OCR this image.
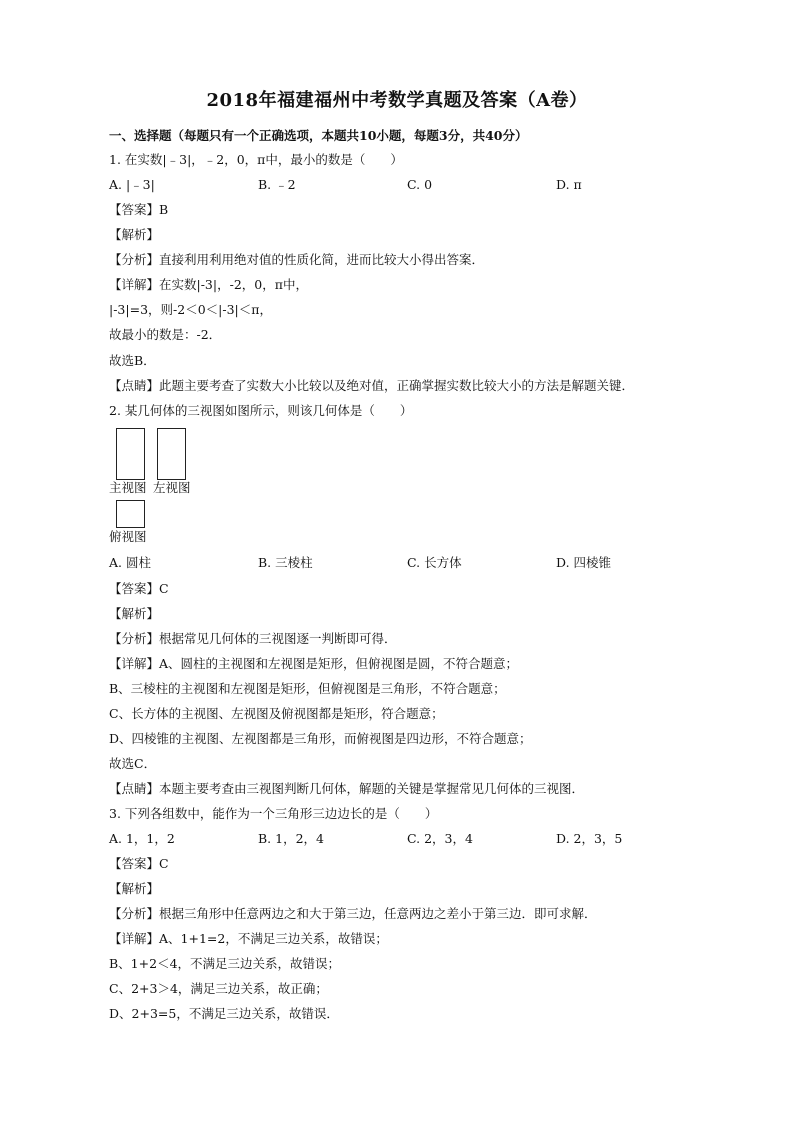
2018年福建福州中考数学真题及答案（A卷）
一、选择题（每题只有一个正确选项，本题共10小题，每题3分，共40分）
1. 在实数|﹣3|，﹣2，0，π中，最小的数是（　　）
A. |﹣3|	B. ﹣2	C. 0	D. π
【答案】B
【解析】
【分析】直接利用利用绝对值的性质化简，进而比较大小得出答案．
【详解】在实数|-3|，-2，0，π中，
|-3|=3，则-2＜0＜|-3|＜π，
故最小的数是：-2．
故选B．
【点睛】此题主要考查了实数大小比较以及绝对值，正确掌握实数比较大小的方法是解题关键．
2. 某几何体的三视图如图所示，则该几何体是（　　）
主视图 左视图
俯视图
A. 圆柱	B. 三棱柱	C. 长方体	D. 四棱锥
【答案】C
【解析】
【分析】根据常见几何体的三视图逐一判断即可得．
【详解】A、圆柱的主视图和左视图是矩形，但俯视图是圆，不符合题意；
B、三棱柱的主视图和左视图是矩形，但俯视图是三角形，不符合题意；
C、长方体的主视图、左视图及俯视图都是矩形，符合题意；
D、四棱锥的主视图、左视图都是三角形，而俯视图是四边形，不符合题意；
故选C．
【点睛】本题主要考查由三视图判断几何体，解题的关键是掌握常见几何体的三视图．
3. 下列各组数中，能作为一个三角形三边边长的是（　　）
A. 1，1，2	B. 1，2，4	C. 2，3，4	D. 2，3，5
【答案】C
【解析】
【分析】根据三角形中任意两边之和大于第三边，任意两边之差小于第三边．即可求解．
【详解】A、1+1=2，不满足三边关系，故错误；
B、1+2＜4，不满足三边关系，故错误；
C、2+3＞4，满足三边关系，故正确；
D、2+3=5，不满足三边关系，故错误．
